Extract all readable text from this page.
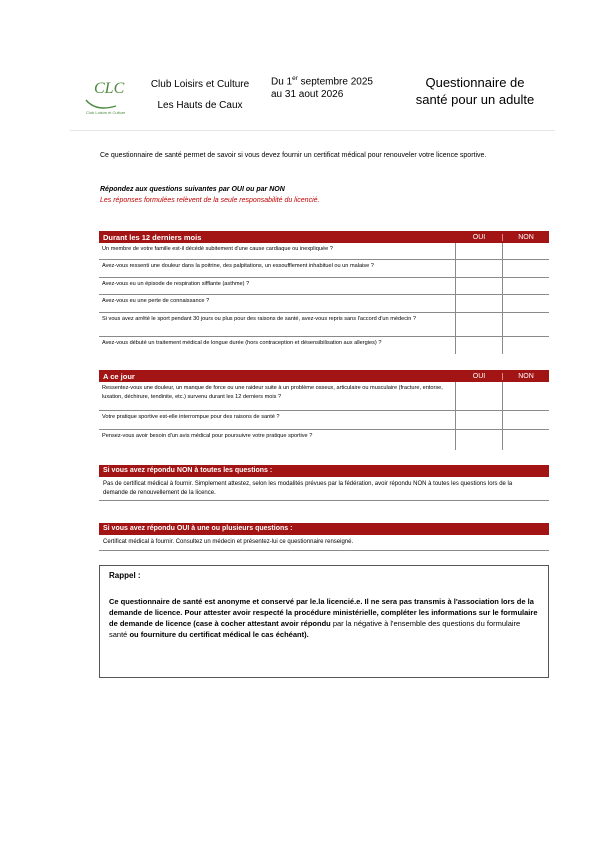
CLC
Club Loisirs et Culture
Club Loisirs et Culture
Les Hauts de Caux
Du 1er septembre 2025
au 31 aout 2026
Questionnaire de
santé pour un adulte
Ce questionnaire de santé permet de savoir si vous devez fournir un certificat médical pour renouveler votre licence sportive.
Répondez aux questions suivantes par OUI ou par NON
Les réponses formulées relèvent de la seule responsabilité du licencié.
Durant les 12 derniers mois	OUI	NON
Un membre de votre famille est-il décédé subitement d'une cause cardiaque ou inexpliquée ?
Avez-vous ressenti une douleur dans la poitrine, des palpitations, un essoufflement inhabituel ou un malaise ?
Avez-vous eu un épisode de respiration sifflante (asthme) ?
Avez-vous eu une perte de connaissance ?
Si vous avez arrêté le sport pendant 30 jours ou plus pour des raisons de santé, avez-vous repris sans l'accord d'un médecin ?
Avez-vous débuté un traitement médical de longue durée (hors contraception et désensibilisation aux allergies) ?
A ce jour	OUI	NON
Ressentez-vous une douleur, un manque de force ou une raideur suite à un problème osseux, articulaire ou musculaire (fracture, entorse, luxation, déchirure, tendinite, etc.) survenu durant les 12 derniers mois ?
Votre pratique sportive est-elle interrompue pour des raisons de santé ?
Pensez-vous avoir besoin d'un avis médical pour poursuivre votre pratique sportive ?
Si vous avez répondu NON à toutes les questions :
Pas de certificat médical à fournir. Simplement attestez, selon les modalités prévues par la fédération, avoir répondu NON à toutes les questions lors de la demande de renouvellement de la licence.
Si vous avez répondu OUI à une ou plusieurs questions :
Certificat médical à fournir. Consultez un médecin et présentez-lui ce questionnaire renseigné.
Rappel :
Ce questionnaire de santé est anonyme et conservé par le.la licencié.e. Il ne sera pas transmis à l'association lors de la demande de licence. Pour attester avoir respecté la procédure ministérielle, compléter les informations sur le formulaire de demande de licence (case à cocher attestant avoir répondu par la négative à l'ensemble des questions du formulaire santé ou fourniture du certificat médical le cas échéant).
